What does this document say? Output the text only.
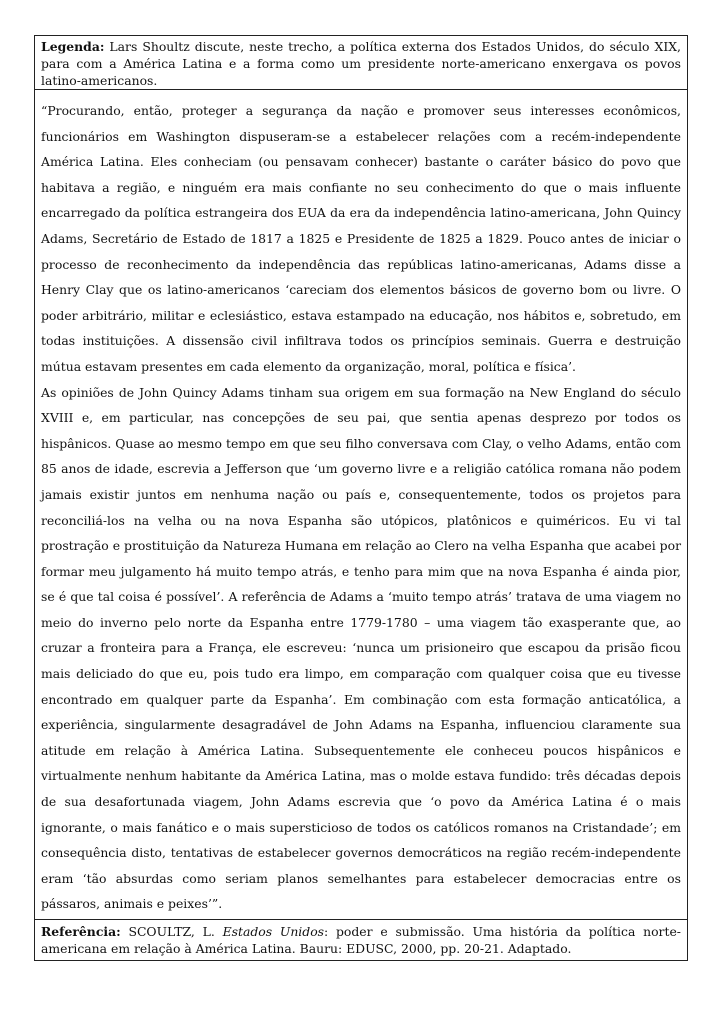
Legenda: Lars Shoultz discute, neste trecho, a política externa dos Estados Unidos, do século XIX, para com a América Latina e a forma como um presidente norte-americano enxergava os povos latino-americanos.

“Procurando, então, proteger a segurança da nação e promover seus interesses econômicos, funcionários em Washington dispuseram-se a estabelecer relações com a recém-independente América Latina. Eles conheciam (ou pensavam conhecer) bastante o caráter básico do povo que habitava a região, e ninguém era mais confiante no seu conhecimento do que o mais influente encarregado da política estrangeira dos EUA da era da independência latino-americana, John Quincy Adams, Secretário de Estado de 1817 a 1825 e Presidente de 1825 a 1829. Pouco antes de iniciar o processo de reconhecimento da independência das repúblicas latino-americanas, Adams disse a Henry Clay que os latino-americanos ‘careciam dos elementos básicos de governo bom ou livre. O poder arbitrário, militar e eclesiástico, estava estampado na educação, nos hábitos e, sobretudo, em todas instituições. A dissensão civil infiltrava todos os princípios seminais. Guerra e destruição mútua estavam presentes em cada elemento da organização, moral, política e física’.

As opiniões de John Quincy Adams tinham sua origem em sua formação na New England do século XVIII e, em particular, nas concepções de seu pai, que sentia apenas desprezo por todos os hispânicos. Quase ao mesmo tempo em que seu filho conversava com Clay, o velho Adams, então com 85 anos de idade, escrevia a Jefferson que ‘um governo livre e a religião católica romana não podem jamais existir juntos em nenhuma nação ou país e, consequentemente, todos os projetos para reconciliá-los na velha ou na nova Espanha são utópicos, platônicos e quiméricos. Eu vi tal prostração e prostituição da Natureza Humana em relação ao Clero na velha Espanha que acabei por formar meu julgamento há muito tempo atrás, e tenho para mim que na nova Espanha é ainda pior, se é que tal coisa é possível’. A referência de Adams a ‘muito tempo atrás’ tratava de uma viagem no meio do inverno pelo norte da Espanha entre 1779-1780 – uma viagem tão exasperante que, ao cruzar a fronteira para a França, ele escreveu: ‘nunca um prisioneiro que escapou da prisão ficou mais deliciado do que eu, pois tudo era limpo, em comparação com qualquer coisa que eu tivesse encontrado em qualquer parte da Espanha’. Em combinação com esta formação anticatólica, a experiência, singularmente desagradável de John Adams na Espanha, influenciou claramente sua atitude em relação à América Latina. Subsequentemente ele conheceu poucos hispânicos e virtualmente nenhum habitante da América Latina, mas o molde estava fundido: três décadas depois de sua desafortunada viagem, John Adams escrevia que ‘o povo da América Latina é o mais ignorante, o mais fanático e o mais supersticioso de todos os católicos romanos na Cristandade’; em consequência disto, tentativas de estabelecer governos democráticos na região recém-independente eram ‘tão absurdas como seriam planos semelhantes para estabelecer democracias entre os pássaros, animais e peixes’”.

Referência: SCOULTZ, L. Estados Unidos: poder e submissão. Uma história da política norte-americana em relação à América Latina. Bauru: EDUSC, 2000, pp. 20-21. Adaptado.
